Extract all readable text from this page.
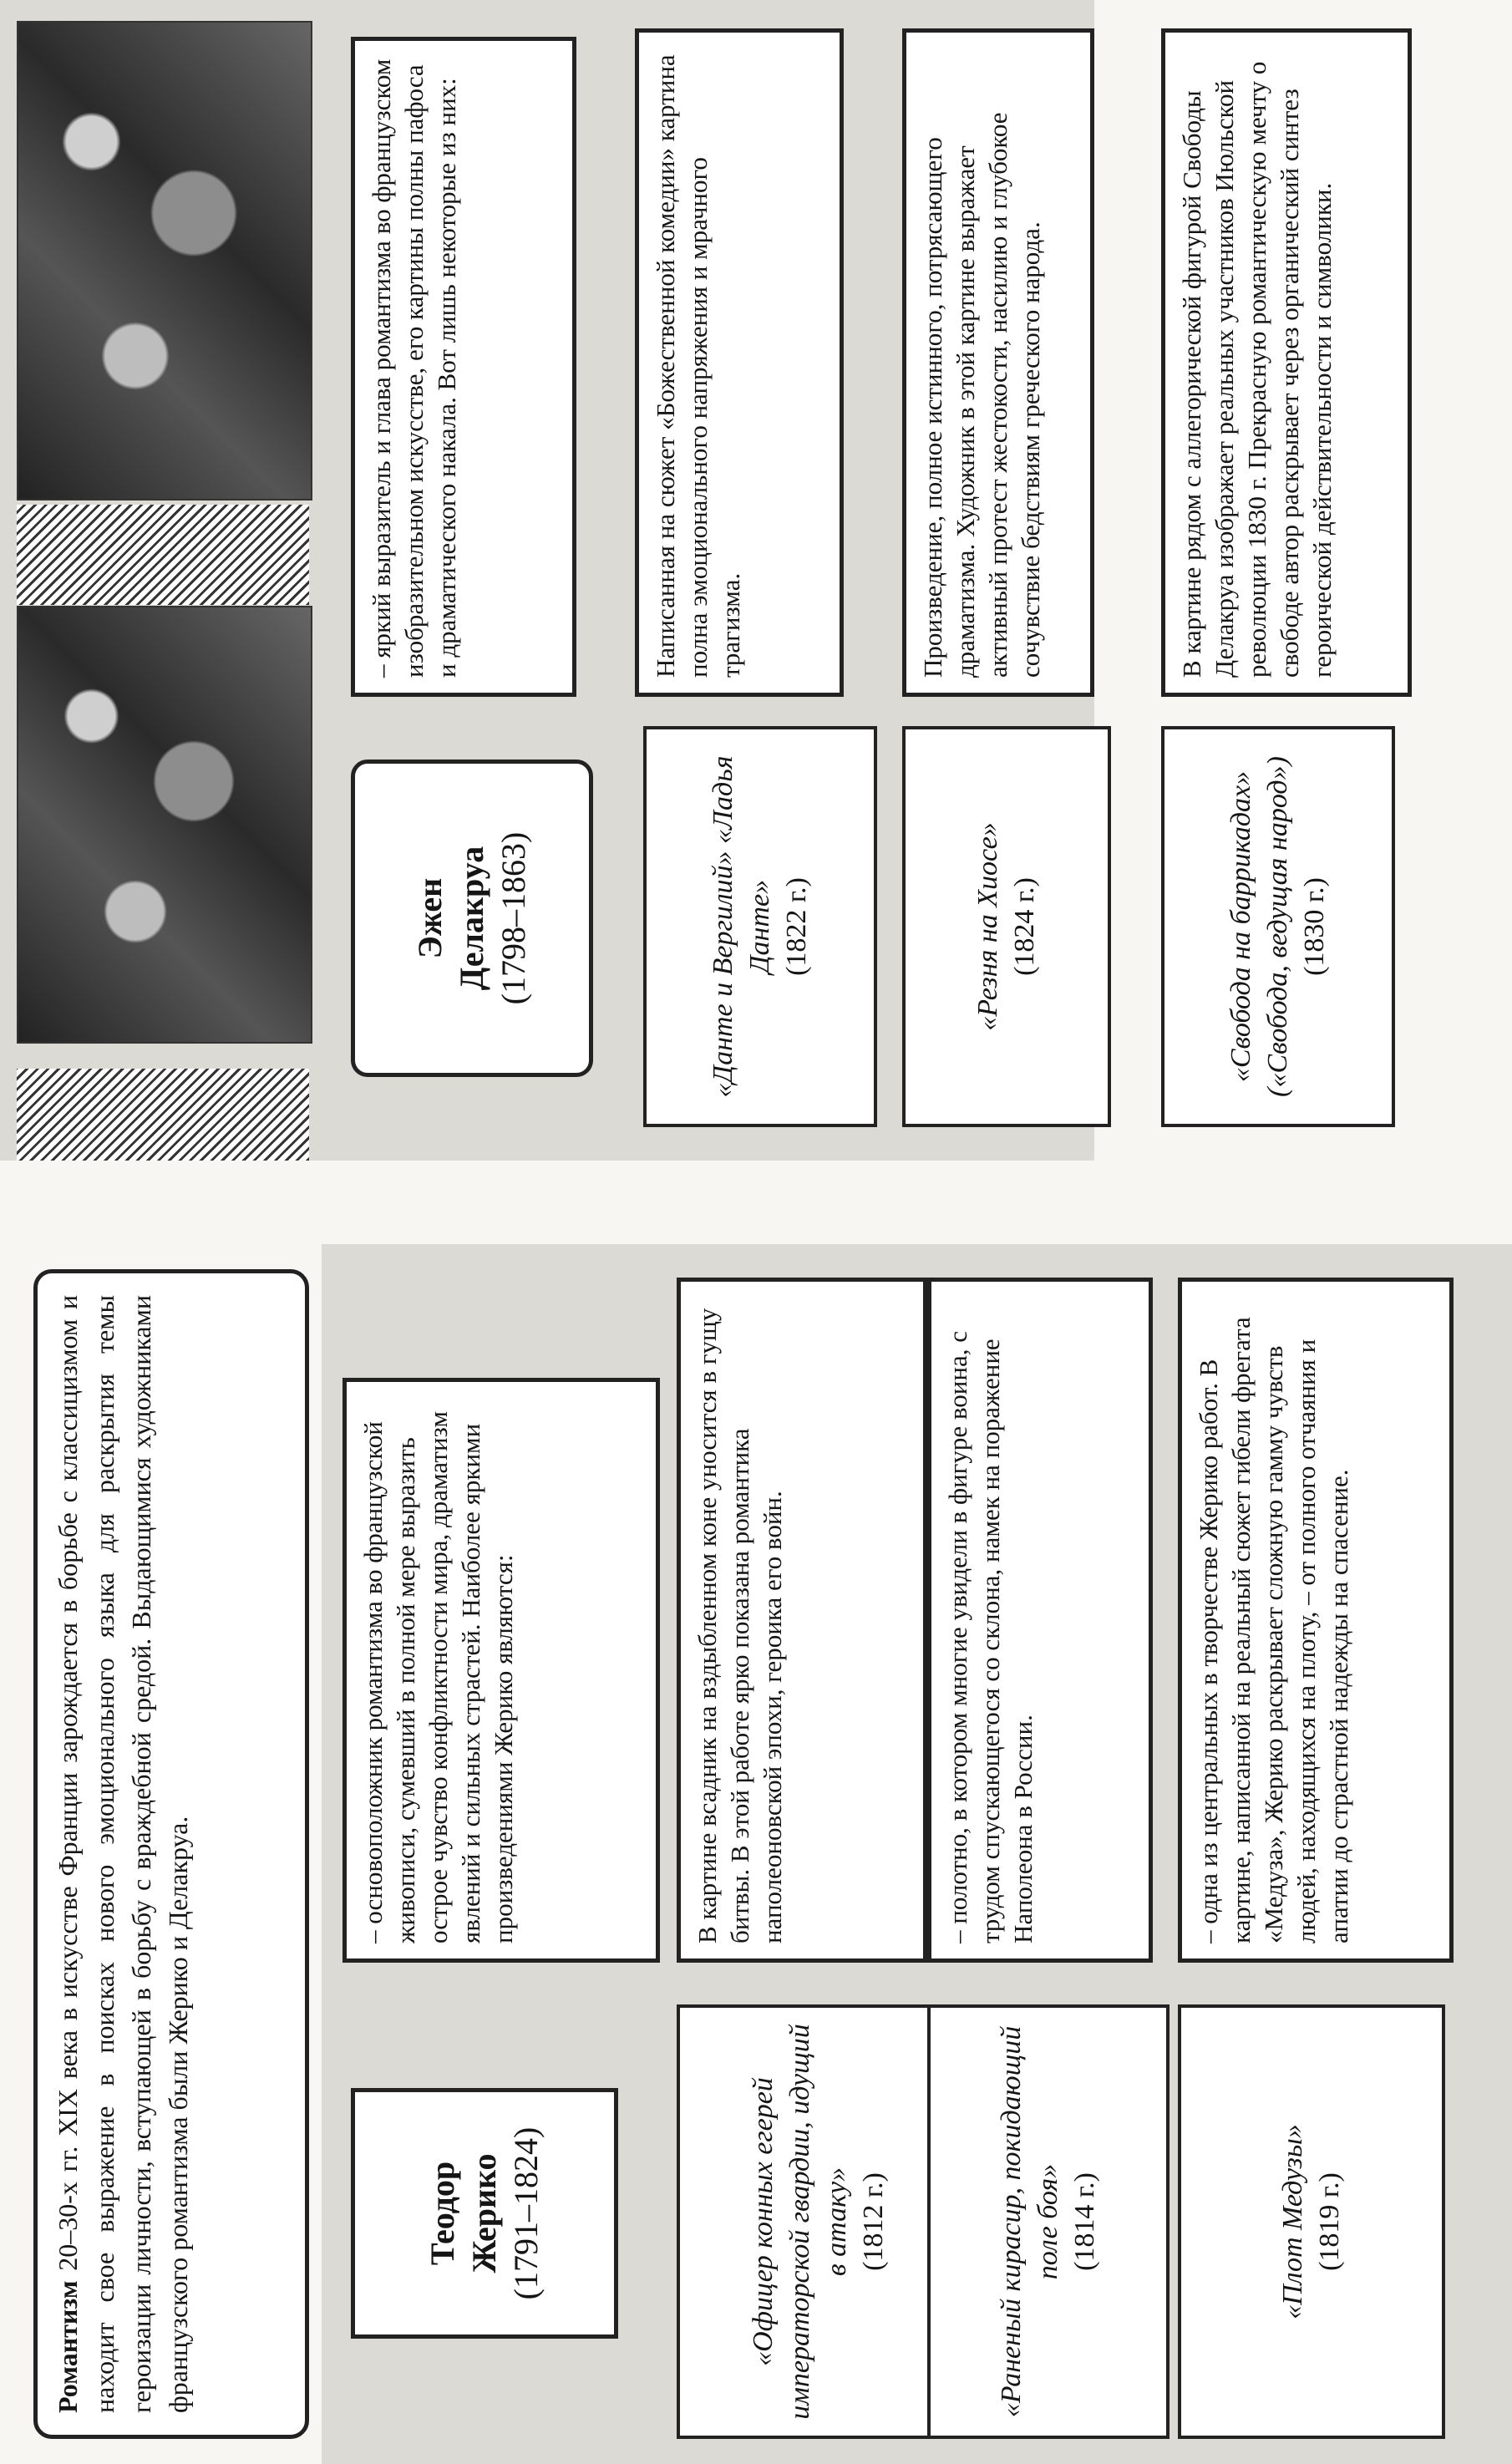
Романтизм 20–30-х гг. XIX века в искусстве Франции зарождается в борьбе с классицизмом и находит свое выражение в поисках нового эмоционального языка для раскрытия темы героизации личности, вступающей в борьбу с враждебной средой. Выдающимися художниками французского романтизма были Жерико и Делакруа.	Теодор Жерико (1791–1824)
– основоположник романтизма во французской живописи, сумевший в полной мере выразить острое чувство конфликтности мира, драматизм явлений и сильных страстей. Наиболее яркими произведениями Жерико являются:
«Офицер конных егерей императорской гвардии, идущий в атаку» (1812 г.)
В картине всадник на вздыбленном коне уносится в гущу битвы. В этой работе ярко показана романтика наполеоновской эпохи, героика его войн.
«Раненый кирасир, покидающий поле боя» (1814 г.)
– полотно, в котором многие увидели в фигуре воина, с трудом спускающегося со склона, намек на поражение Наполеона в России.
«Плот Медузы» (1819 г.)
– одна из центральных в творчестве Жерико работ. В картине, написанной на реальный сюжет гибели фрегата «Медуза», Жерико раскрывает сложную гамму чувств людей, находящихся на плоту, – от полного отчаяния и апатии до страстной надежды на спасение.
Эжен Делакруа (1798–1863)
– яркий выразитель и глава романтизма во французском изобразительном искусстве, его картины полны пафоса и драматического накала. Вот лишь некоторые из них:
«Данте и Вергилий» «Ладья Данте» (1822 г.)
Написанная на сюжет «Божественной комедии» картина полна эмоционального напряжения и мрачного трагизма.
«Резня на Хиосе» (1824 г.)
Произведение, полное истинного, потрясающего драматизма. Художник в этой картине выражает активный протест жестокости, насилию и глубокое сочувствие бедствиям греческого народа.
«Свобода на баррикадах» («Свобода, ведущая народ») (1830 г.)
В картине рядом с аллегорической фигурой Свободы Делакруа изображает реальных участников Июльской революции 1830 г. Прекрасную романтическую мечту о свободе автор раскрывает через органический синтез героической действительности и символики.
